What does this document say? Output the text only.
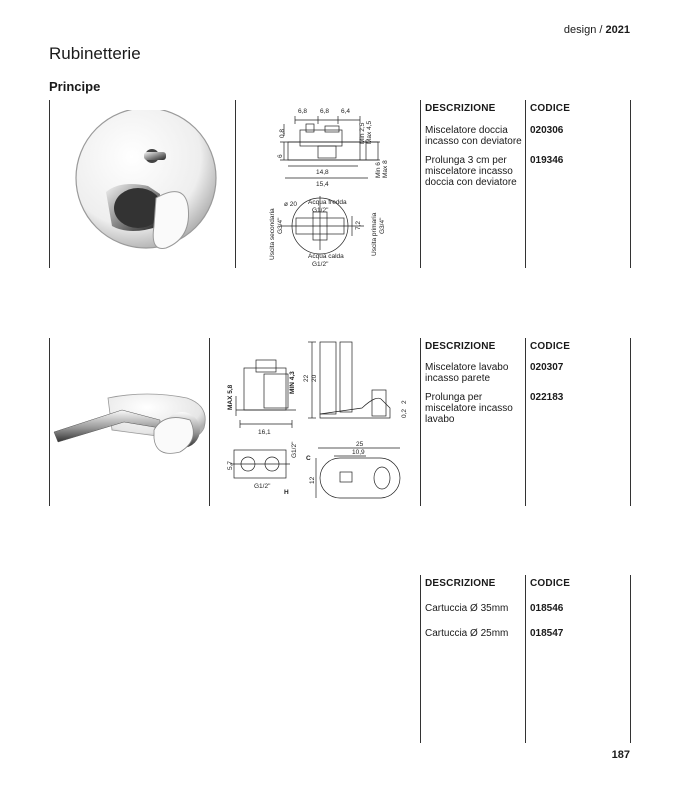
design / 2021
Rubinetterie
Principe
6,8 6,8 6,4
0,8
6
14,8
15,4
Min 2,5 Max 4,5
Min 6 Max 8
ø 20 Acqua fredda
G1/2"
7,2
Uscita secondaria G3/4"	Uscita primaria G3/4"
Acqua calda
G1/2"
DESCRIZIONE	CODICE
Miscelatore doccia
incasso con deviatore
020306
Prolunga 3 cm per
miscelatore incasso
doccia con deviatore
019346
MAX 5,8
MIN 4,3
16,1
22 20
0,2
2
5,7
G1/2"
G1/2"
C
H
25
10,9
12
DESCRIZIONE	CODICE
Miscelatore lavabo
incasso parete
020307
Prolunga per
miscelatore incasso
lavabo
022183
DESCRIZIONE	CODICE
Cartuccia Ø 35mm	018546
Cartuccia Ø 25mm	018547
187
